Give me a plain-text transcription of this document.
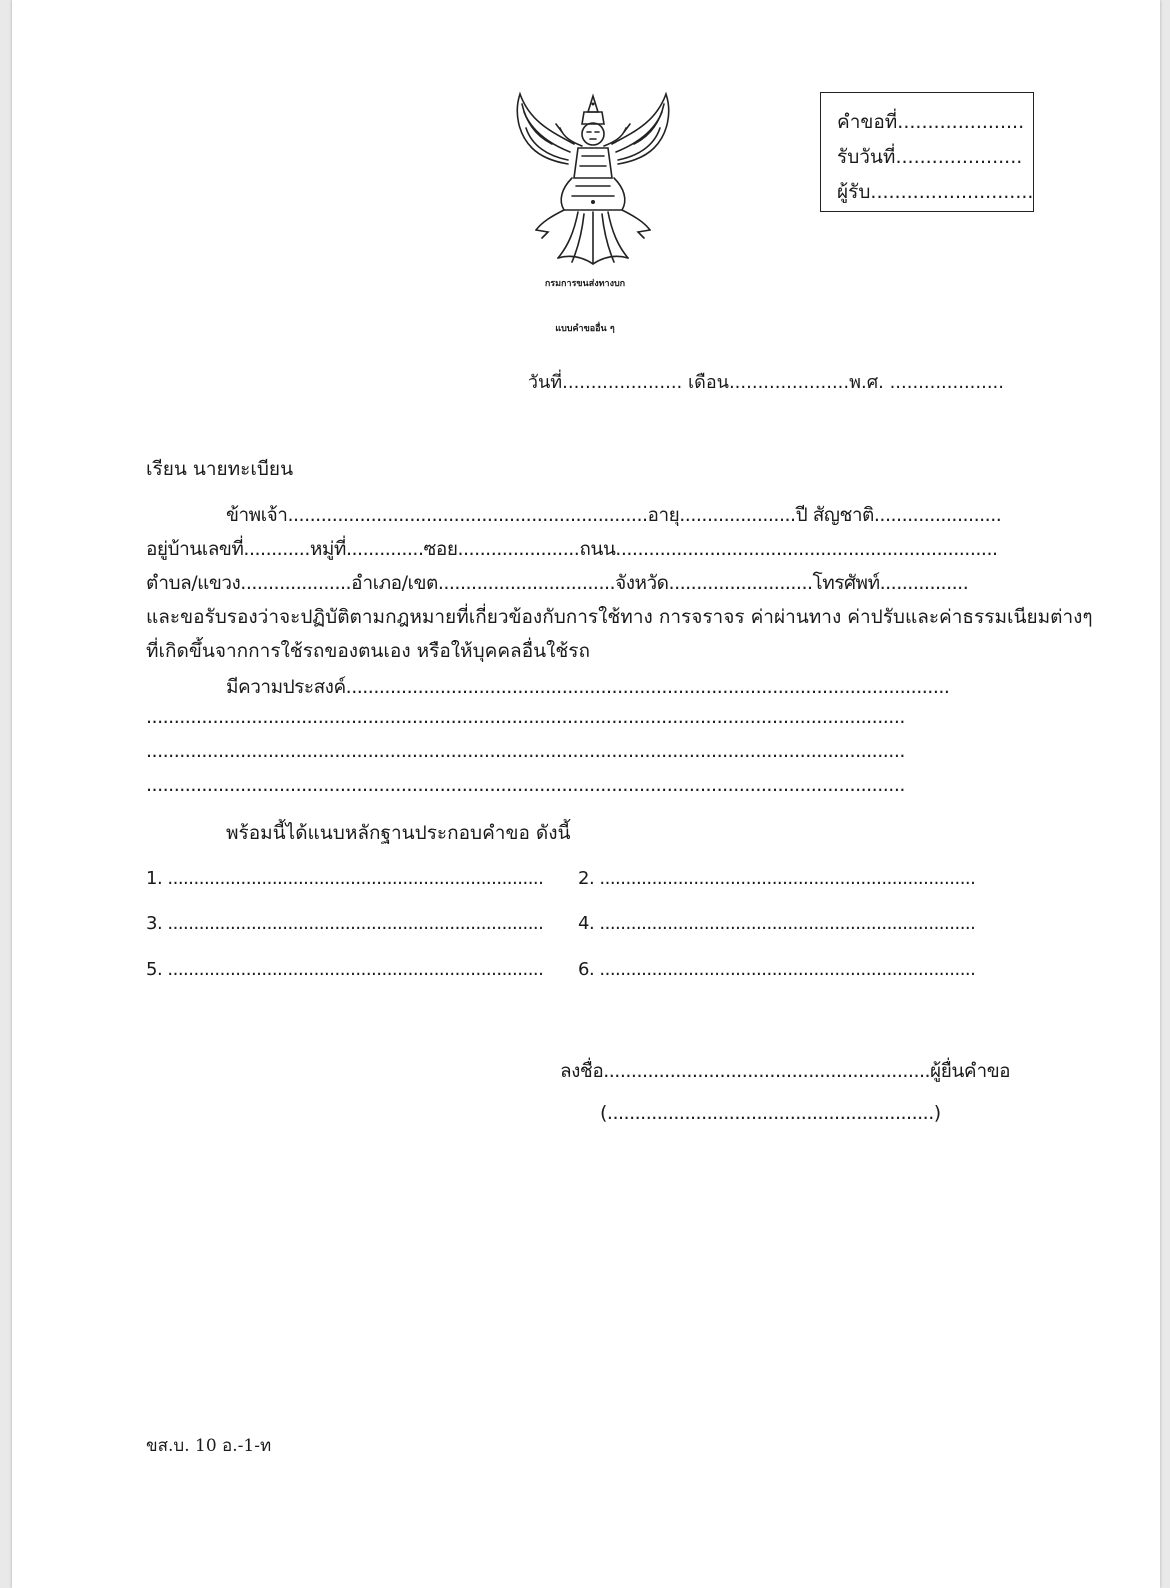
คำขอที่.....................
รับวันที่.....................
ผู้รับ...........................
กรมการขนส่งทางบก
แบบคำขออื่น ๆ
วันที่..................... เดือน.....................พ.ศ. ....................
เรียน นายทะเบียน
ข้าพเจ้า.................................................................อายุ.....................ปี สัญชาติ.......................
อยู่บ้านเลขที่............หมู่ที่..............ซอย......................ถนน.....................................................................
ตำบล/แขวง....................อำเภอ/เขต................................จังหวัด..........................โทรศัพท์................
และขอรับรองว่าจะปฏิบัติตามกฎหมายที่เกี่ยวข้องกับการใช้ทาง การจราจร ค่าผ่านทาง ค่าปรับและค่าธรรมเนียมต่างๆ
ที่เกิดขึ้นจากการใช้รถของตนเอง หรือให้บุคคลอื่นใช้รถ
มีความประสงค์.............................................................................................................
.........................................................................................................................................
.........................................................................................................................................
.........................................................................................................................................
พร้อมนี้ได้แนบหลักฐานประกอบคำขอ ดังนี้
1. ........................................................................ 2. ........................................................................
3. ........................................................................ 4. ........................................................................
5. ........................................................................ 6. ........................................................................
ลงชื่อ...........................................................ผู้ยื่นคำขอ
(...........................................................)
ขส.บ. 10 อ.-1-ท
